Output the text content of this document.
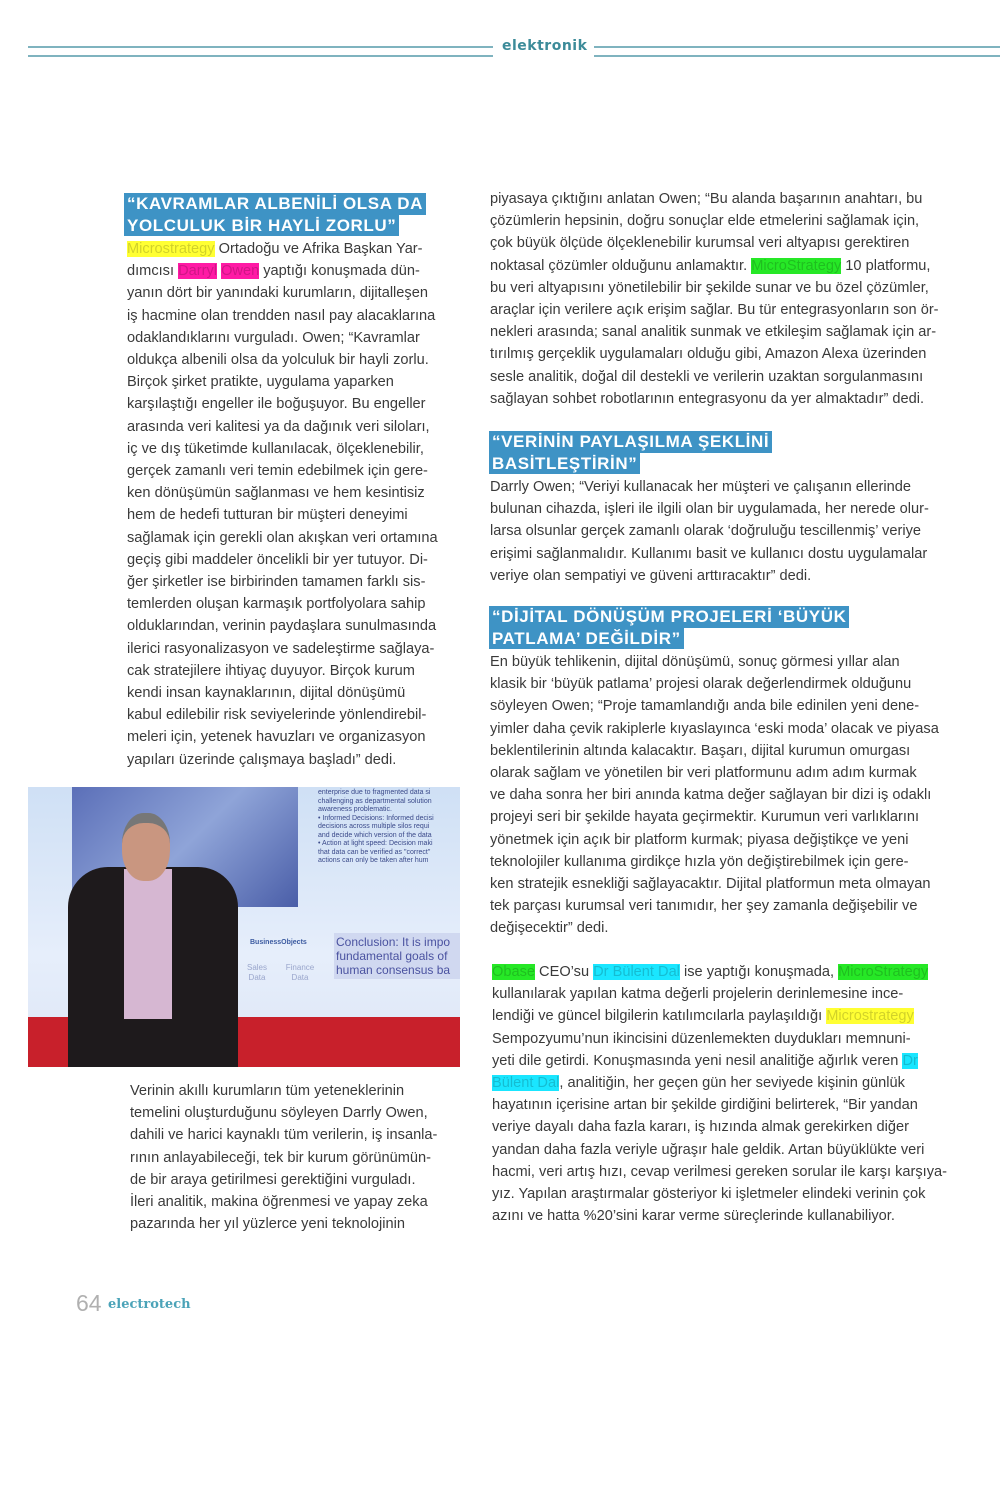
elektronik
“KAVRAMLAR ALBENİLİ OLSA DA
YOLCULUK BİR HAYLİ ZORLU”
Microstrategy Ortadoğu ve Afrika Başkan Yar-
dımcısı Darryl Owen yaptığı konuşmada dün-
yanın dört bir yanındaki kurumların, dijitalleşen
iş hacmine olan trendden nasıl pay alacaklarına
odaklandıklarını vurguladı. Owen; “Kavramlar
oldukça albenili olsa da yolculuk bir hayli zorlu.
Birçok şirket pratikte, uygulama yaparken
karşılaştığı engeller ile boğuşuyor. Bu engeller
arasında veri kalitesi ya da dağınık veri siloları,
iç ve dış tüketimde kullanılacak, ölçeklenebilir,
gerçek zamanlı veri temin edebilmek için gere-
ken dönüşümün sağlanması ve hem kesintisiz
hem de hedefi tutturan bir müşteri deneyimi
sağlamak için gerekli olan akışkan veri ortamına
geçiş gibi maddeler öncelikli bir yer tutuyor. Di-
ğer şirketler ise birbirinden tamamen farklı sis-
temlerden oluşan karmaşık portfolyolara sahip
olduklarından, verinin paydaşlara sunulmasında
ilerici rasyonalizasyon ve sadeleştirme sağlaya-
cak stratejilere ihtiyaç duyuyor. Birçok kurum
kendi insan kaynaklarının, dijital dönüşümü
kabul edilebilir risk seviyelerinde yönlendirebil-
meleri için, yetenek havuzları ve organizasyon
yapıları üzerinde çalışmaya başladı” dedi.
enterprise due to fragmented data si
challenging as departmental solution
awareness problematic.
• Informed Decisions: Informed decisi
decisions across multiple silos requi
and decide which version of the data
• Action at light speed: Decision maki
that data can be verified as "correct"
actions can only be taken after hum
Conclusion: It is impo fundamental goals of human consensus ba
BusinessObjects
Sales Data
Finance Data
Verinin akıllı kurumların tüm yeteneklerinin
temelini oluşturduğunu söyleyen Darrly Owen,
dahili ve harici kaynaklı tüm verilerin, iş insanla-
rının anlayabileceği, tek bir kurum görünümün-
de bir araya getirilmesi gerektiğini vurguladı.
İleri analitik, makina öğrenmesi ve yapay zeka
pazarında her yıl yüzlerce yeni teknolojinin
piyasaya çıktığını anlatan Owen; “Bu alanda başarının anahtarı, bu
çözümlerin hepsinin, doğru sonuçlar elde etmelerini sağlamak için,
çok büyük ölçüde ölçeklenebilir kurumsal veri altyapısı gerektiren
noktasal çözümler olduğunu anlamaktır. MicroStrategy 10 platformu,
bu veri altyapısını yönetilebilir bir şekilde sunar ve bu özel çözümler,
araçlar için verilere açık erişim sağlar. Bu tür entegrasyonların son ör-
nekleri arasında; sanal analitik sunmak ve etkileşim sağlamak için ar-
tırılmış gerçeklik uygulamaları olduğu gibi, Amazon Alexa üzerinden
sesle analitik, doğal dil destekli ve verilerin uzaktan sorgulanmasını
sağlayan sohbet robotlarının entegrasyonu da yer almaktadır” dedi.
“VERİNİN PAYLAŞILMA ŞEKLİNİ
BASİTLEŞTİRİN”
Darrly Owen; “Veriyi kullanacak her müşteri ve çalışanın ellerinde
bulunan cihazda, işleri ile ilgili olan bir uygulamada, her nerede olur-
larsa olsunlar gerçek zamanlı olarak ‘doğruluğu tescillenmiş’ veriye
erişimi sağlanmalıdır. Kullanımı basit ve kullanıcı dostu uygulamalar
veriye olan sempatiyi ve güveni arttıracaktır” dedi.
“DİJİTAL DÖNÜŞÜM PROJELERİ ‘BÜYÜK
PATLAMA’ DEĞİLDİR”
En büyük tehlikenin, dijital dönüşümü, sonuç görmesi yıllar alan
klasik bir ‘büyük patlama’ projesi olarak değerlendirmek olduğunu
söyleyen Owen; “Proje tamamlandığı anda bile edinilen yeni dene-
yimler daha çevik rakiplerle kıyaslayınca ‘eski moda’ olacak ve piyasa
beklentilerinin altında kalacaktır. Başarı, dijital kurumun omurgası
olarak sağlam ve yönetilen bir veri platformunu adım adım kurmak
ve daha sonra her biri anında katma değer sağlayan bir dizi iş odaklı
projeyi seri bir şekilde hayata geçirmektir. Kurumun veri varlıklarını
yönetmek için açık bir platform kurmak; piyasa değiştikçe ve yeni
teknolojiler kullanıma girdikçe hızla yön değiştirebilmek için gere-
ken stratejik esnekliği sağlayacaktır. Dijital platformun meta olmayan
tek parçası kurumsal veri tanımıdır, her şey zamanla değişebilir ve
değişecektir” dedi.
Obase CEO’su Dr Bülent Dal ise yaptığı konuşmada, MicroStrategy
kullanılarak yapılan katma değerli projelerin derinlemesine ince-
lendiği ve güncel bilgilerin katılımcılarla paylaşıldığı Microstrategy
Sempozyumu’nun ikincisini düzenlemekten duydukları memnuni-
yeti dile getirdi. Konuşmasında yeni nesil analitiğe ağırlık veren Dr
Bülent Dal, analitiğin, her geçen gün her seviyede kişinin günlük
hayatının içerisine artan bir şekilde girdiğini belirterek, “Bir yandan
veriye dayalı daha fazla kararı, iş hızında almak gerekirken diğer
yandan daha fazla veriyle uğraşır hale geldik. Artan büyüklükte veri
hacmi, veri artış hızı, cevap verilmesi gereken sorular ile karşı karşıya-
yız. Yapılan araştırmalar gösteriyor ki işletmeler elindeki verinin çok
azını ve hatta %20’sini karar verme süreçlerinde kullanabiliyor.
64 electrotech
